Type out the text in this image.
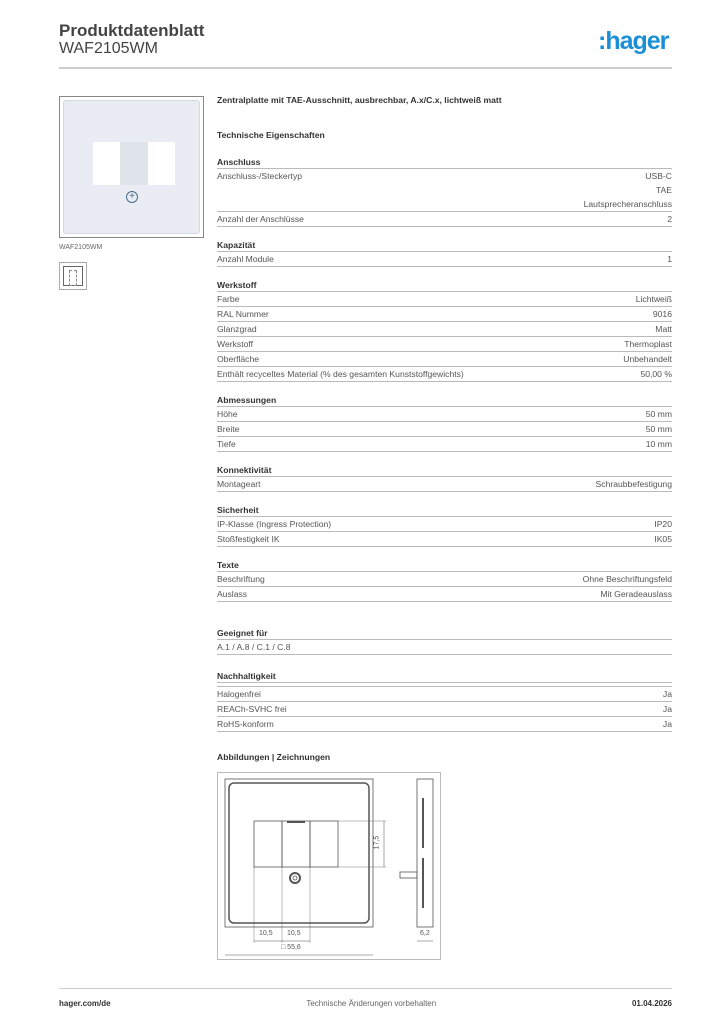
Produktdatenblatt
WAF2105WM	:hager
+
WAF2105WM
Zentralplatte mit TAE-Ausschnitt, ausbrechbar, A.x/C.x, lichtweiß matt
Technische Eigenschaften
Anschluss
Anschluss-/Steckertyp	USB-C
TAE
Lautsprecheranschluss
Anzahl der Anschlüsse	2
Kapazität
Anzahl Module	1
Werkstoff
Farbe	Lichtweiß
RAL Nummer	9016
Glanzgrad	Matt
Werkstoff	Thermoplast
Oberfläche	Unbehandelt
Enthält recyceltes Material (% des gesamten Kunststoffgewichts)	50,00 %
Abmessungen
Höhe	50 mm
Breite	50 mm
Tiefe	10 mm
Konnektivität
Montageart	Schraubbefestigung
Sicherheit
IP-Klasse (Ingress Protection)	IP20
Stoßfestigkeit IK	IK05
Texte
Beschriftung	Ohne Beschriftungsfeld
Auslass	Mit Geradeauslass
Geeignet für
A.1 / A.8 / C.1 / C.8
Nachhaltigkeit
Halogenfrei	Ja
REACh-SVHC frei	Ja
RoHS-konform	Ja
Abbildungen | Zeichnungen
10,5 10,5
17,5
□ 55,6
6,2
hager.com/de	Technische Änderungen vorbehalten	01.04.2026
